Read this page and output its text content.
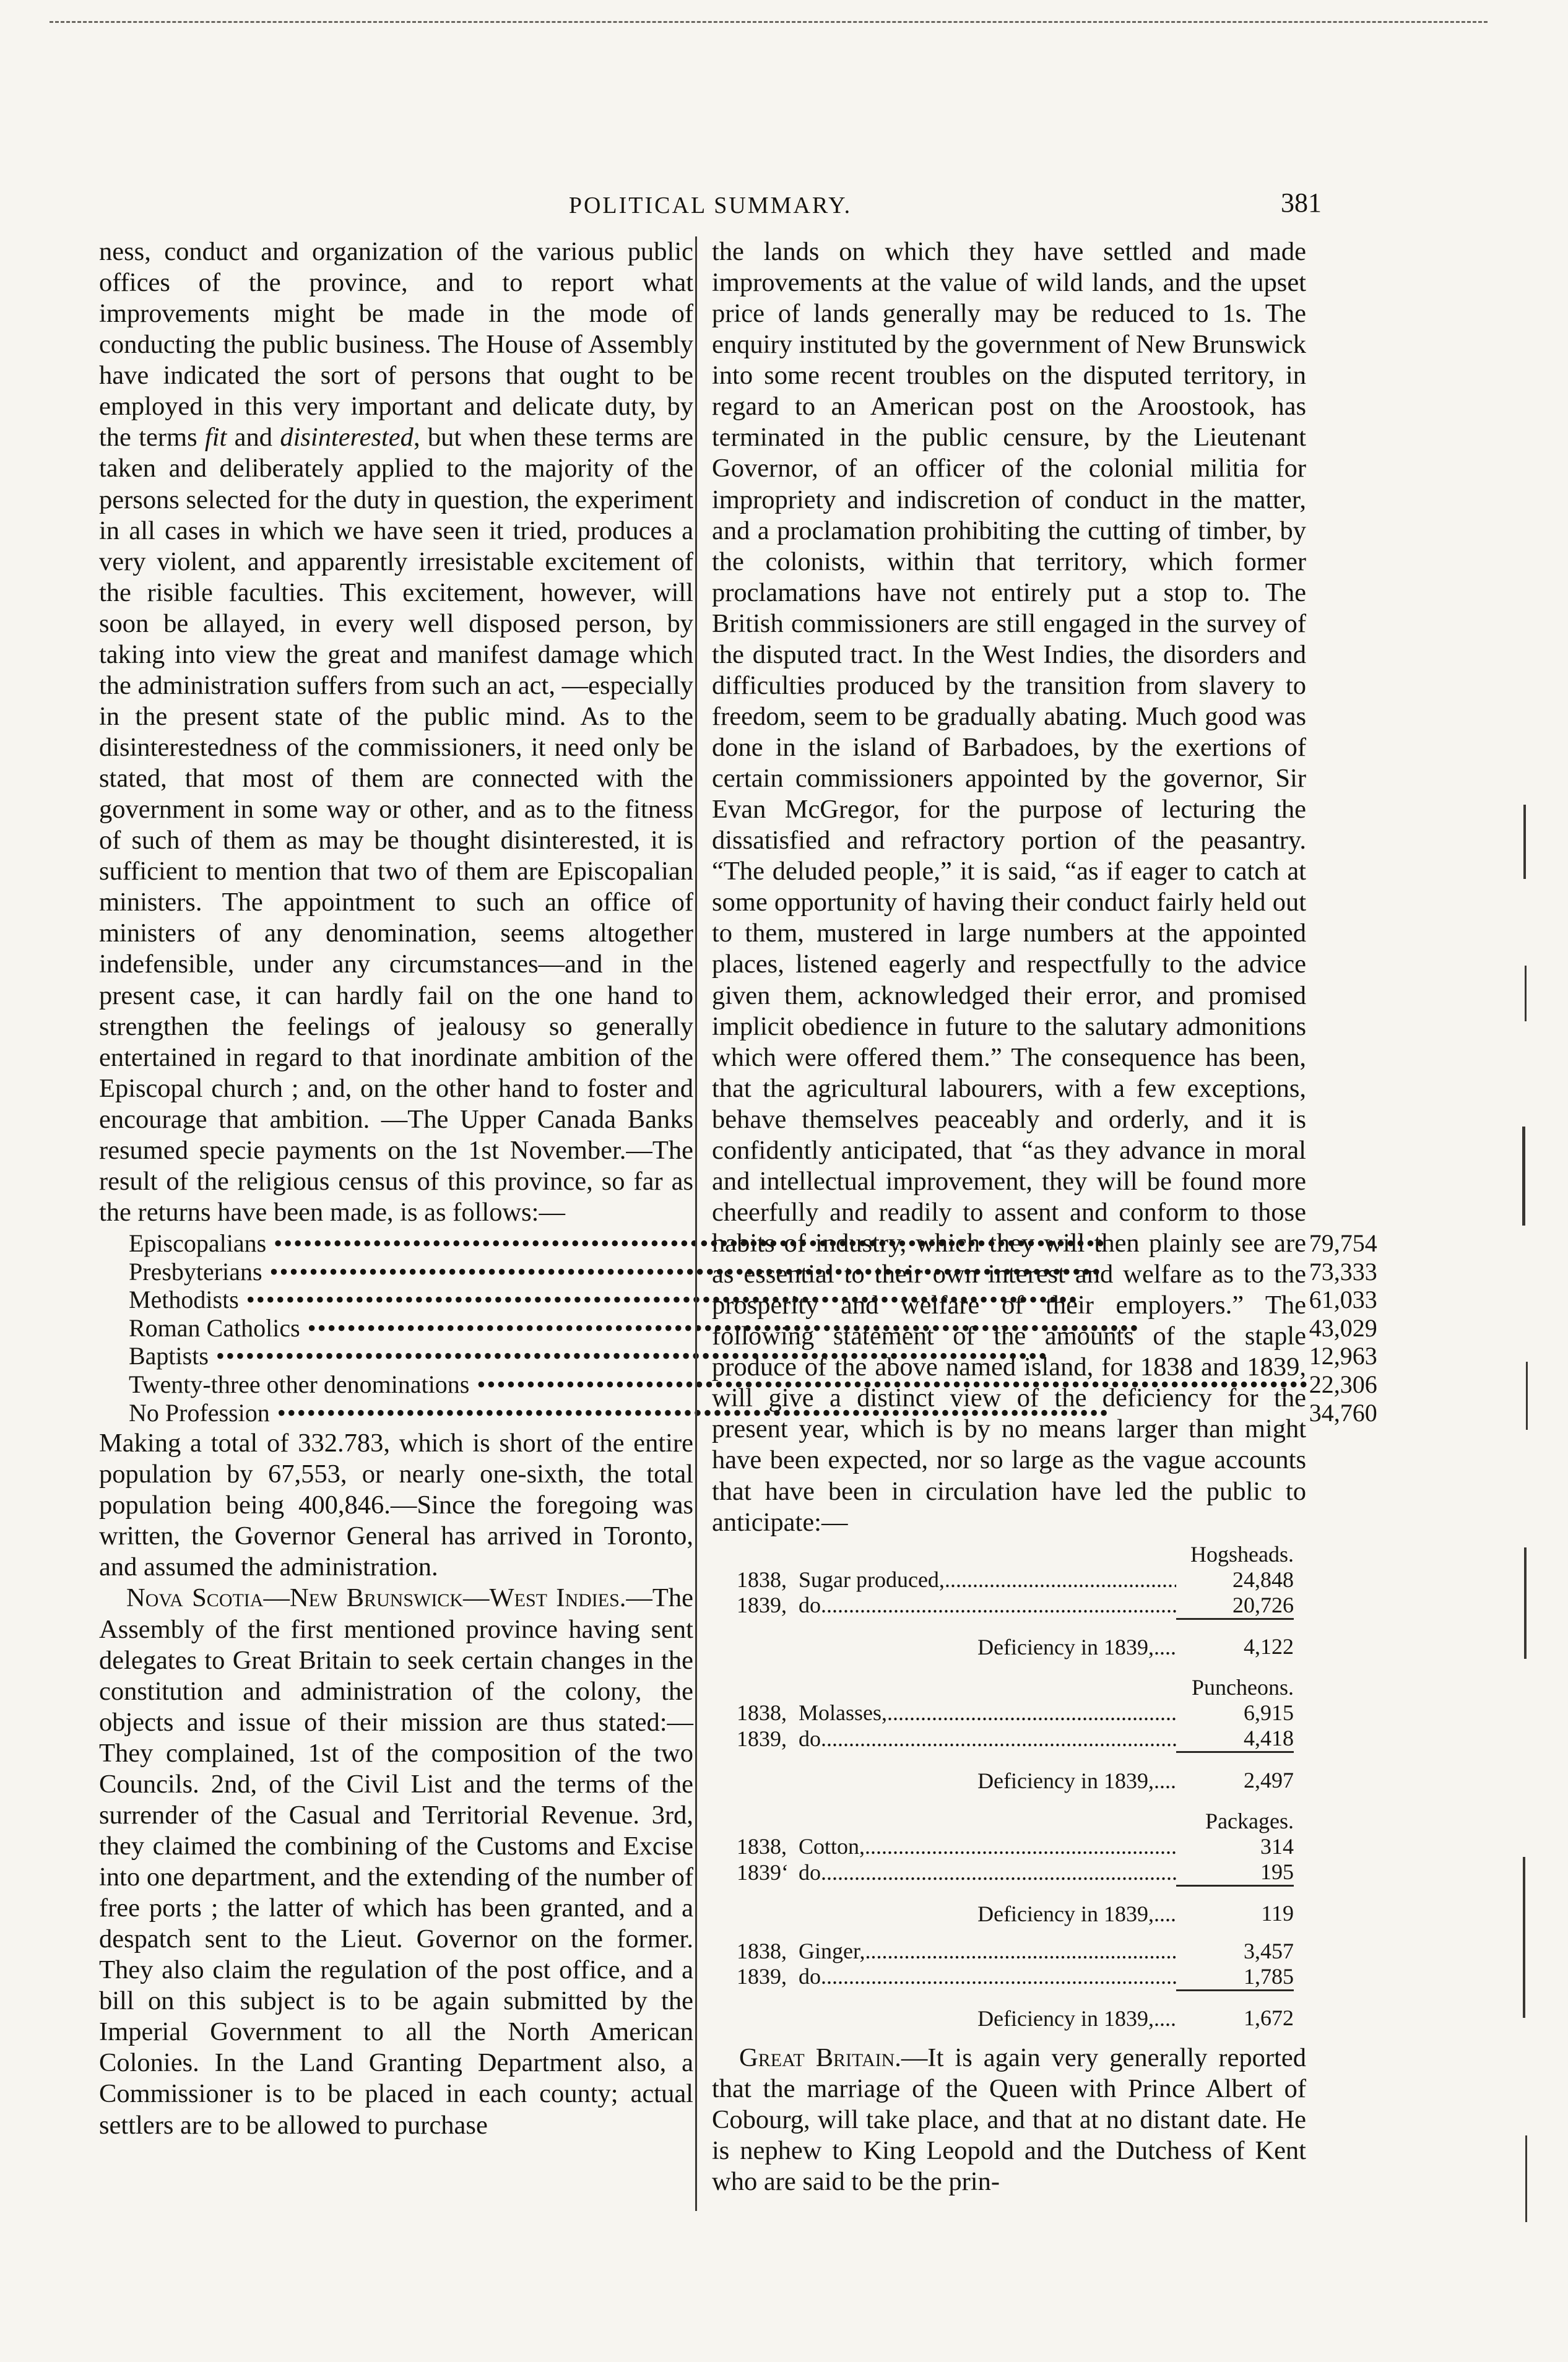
POLITICAL SUMMARY.	381

ness, conduct and organization of the various public offices of the province, and to report what improvements might be made in the mode of conducting the public business. The House of Assembly have indicated the sort of persons that ought to be employed in this very important and delicate duty, by the terms fit and disinterested, but when these terms are taken and deliberately applied to the majority of the persons selected for the duty in question, the experiment in all cases in which we have seen it tried, produces a very violent, and apparently irresistable excitement of the risible faculties. This excitement, however, will soon be allayed, in every well disposed person, by taking into view the great and manifest damage which the administration suffers from such an act, —especially in the present state of the public mind. As to the disinterestedness of the commissioners, it need only be stated, that most of them are connected with the government in some way or other, and as to the fitness of such of them as may be thought disinterested, it is sufficient to mention that two of them are Episcopalian ministers. The appointment to such an office of ministers of any denomination, seems altogether indefensible, under any circumstances—and in the present case, it can hardly fail on the one hand to strengthen the feelings of jealousy so generally entertained in regard to that inordinate ambition of the Episcopal church ; and, on the other hand to foster and encourage that ambition. —The Upper Canada Banks resumed specie payments on the 1st November.—The result of the religious census of this province, so far as the returns have been made, is as follows:—

Episcopalians •••••	79,754
Presbyterians •••••	73,333
Methodists •••••	61,033
Roman Catholics •••••	43,029
Baptists •••••	12,963
Twenty-three other denominations •••••	22,306
No Profession •••••	34,760

Making a total of 332.783, which is short of the entire population by 67,553, or nearly one-sixth, the total population being 400,846.—Since the foregoing was written, the Governor General has arrived in Toronto, and assumed the administration.

Nova Scotia—New Brunswick—West Indies.—The Assembly of the first mentioned province having sent delegates to Great Britain to seek certain changes in the constitution and administration of the colony, the objects and issue of their mission are thus stated:—They complained, 1st of the composition of the two Councils. 2nd, of the Civil List and the terms of the surrender of the Casual and Territorial Revenue. 3rd, they claimed the combining of the Customs and Excise into one department, and the extending of the number of free ports ; the latter of which has been granted, and a despatch sent to the Lieut. Governor on the former. They also claim the regulation of the post office, and a bill on this subject is to be again submitted by the Imperial Government to all the North American Colonies. In the Land Granting Department also, a Commissioner is to be placed in each county; actual settlers are to be allowed to purchase

the lands on which they have settled and made improvements at the value of wild lands, and the upset price of lands generally may be reduced to 1s. The enquiry instituted by the government of New Brunswick into some recent troubles on the disputed territory, in regard to an American post on the Aroostook, has terminated in the public censure, by the Lieutenant Governor, of an officer of the colonial militia for impropriety and indiscretion of conduct in the matter, and a proclamation prohibiting the cutting of timber, by the colonists, within that territory, which former proclamations have not entirely put a stop to. The British commissioners are still engaged in the survey of the disputed tract. In the West Indies, the disorders and difficulties produced by the transition from slavery to freedom, seem to be gradually abating. Much good was done in the island of Barbadoes, by the exertions of certain commissioners appointed by the governor, Sir Evan McGregor, for the purpose of lecturing the dissatisfied and refractory portion of the peasantry. “The deluded people,” it is said, “as if eager to catch at some opportunity of having their conduct fairly held out to them, mustered in large numbers at the appointed places, listened eagerly and respectfully to the advice given them, acknowledged their error, and promised implicit obedience in future to the salutary admonitions which were offered them.” The consequence has been, that the agricultural labourers, with a few exceptions, behave themselves peaceably and orderly, and it is confidently anticipated, that “as they advance in moral and intellectual improvement, they will be found more cheerfully and readily to assent and conform to those habits of industry, which they will then plainly see are as essential to their own interest and welfare as to the prosperity and welfare of their employers.” The following statement of the amounts of the staple produce of the above named island, for 1838 and 1839, will give a distinct view of the deficiency for the present year, which is by no means larger than might have been expected, nor so large as the vague accounts that have been in circulation have led the public to anticipate:—

Hogsheads.		
1838,	Sugar produced, .....	24,848
1839,	do. .....	20,726
Deficiency in 1839,....		4,122
Puncheons.		
1838,	Molasses, .....	6,915
1839,	do. .....	4,418
Deficiency in 1839,....		2,497
Packages.		
1838,	Cotton, .....	314
1839‘	do. .....	195
Deficiency in 1839,....		119
1838,	Ginger, .....	3,457
1839,	do. .....	1,785
Deficiency in 1839,....		1,672

Great Britain.—It is again very generally reported that the marriage of the Queen with Prince Albert of Cobourg, will take place, and that at no distant date. He is nephew to King Leopold and the Dutchess of Kent who are said to be the prin-
